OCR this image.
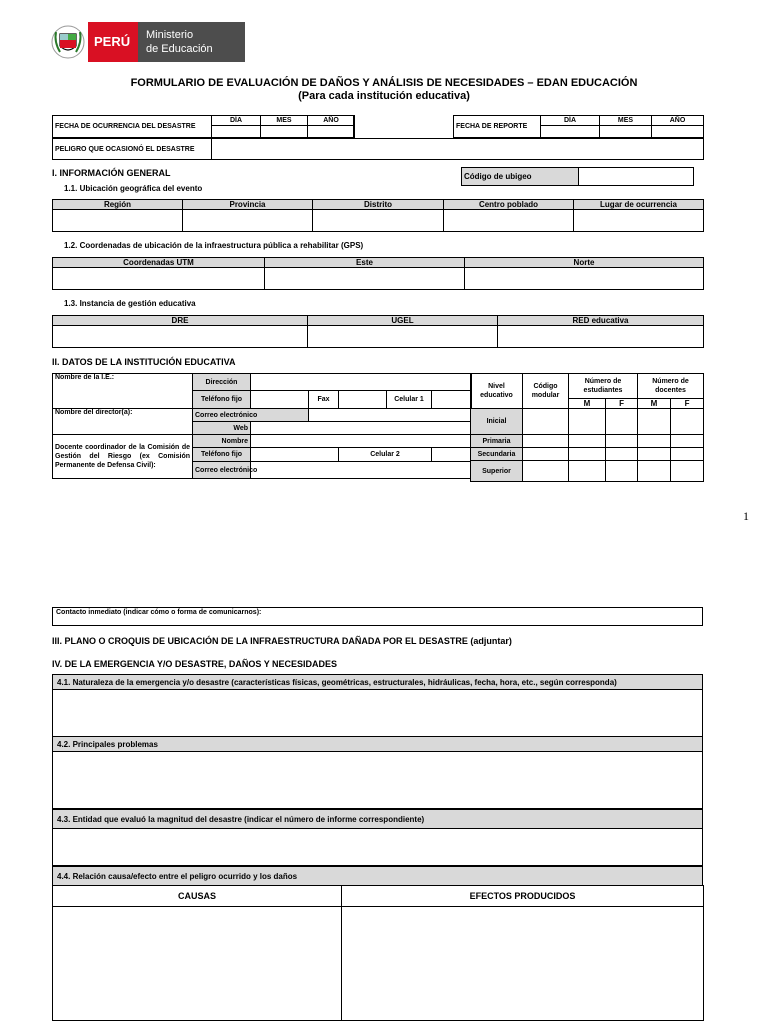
PERÚ Ministerio
de Educación
FORMULARIO DE EVALUACIÓN DE DAÑOS Y ANÁLISIS DE NECESIDADES – EDAN EDUCACIÓN
(Para cada institución educativa)
FECHA DE OCURRENCIA DEL DESASTRE	DÍA	MES	AÑO

FECHA DE REPORTE	DÍA	MES	AÑO

PELIGRO QUE OCASIONÓ EL DESASTRE	
I. INFORMACIÓN GENERAL	Código de ubigeo	
1.1. Ubicación geográfica del evento
Región	Provincia	Distrito	Centro poblado	Lugar de ocurrencia

1.2. Coordenadas de ubicación de la infraestructura pública a rehabilitar (GPS)
Coordenadas UTM	Este	Norte

1.3. Instancia de gestión educativa
DRE	UGEL	RED educativa

II. DATOS DE LA INSTITUCIÓN EDUCATIVA
Nombre de la I.E.:	Dirección					
	Teléfono fijo		Fax		Celular 1	
Nombre del director(a):	Correo electrónico					
	Web					
Docente coordinador de la Comisión de Gestión del Riesgo (ex Comisión Permanente de Defensa Civil):	Nombre					
	Teléfono fijo			Celular 2		
	Correo electrónico					
Nivel educativo	Código modular	Número de estudiantes		Número de docentes	
		M	F	M	F
Inicial					
Primaria					
Secundaria					
Superior					
1
Contacto inmediato (indicar cómo o forma de comunicarnos):
III. PLANO O CROQUIS DE UBICACIÓN DE LA INFRAESTRUCTURA DAÑADA POR EL DESASTRE (adjuntar)
IV. DE LA EMERGENCIA Y/O DESASTRE, DAÑOS Y NECESIDADES
4.1. Naturaleza de la emergencia y/o desastre (características físicas, geométricas, estructurales, hidráulicas, fecha, hora, etc., según corresponda)
4.2. Principales problemas
4.3. Entidad que evaluó la magnitud del desastre (indicar el número de informe correspondiente)
4.4. Relación causa/efecto entre el peligro ocurrido y los daños
CAUSAS	EFECTOS PRODUCIDOS
